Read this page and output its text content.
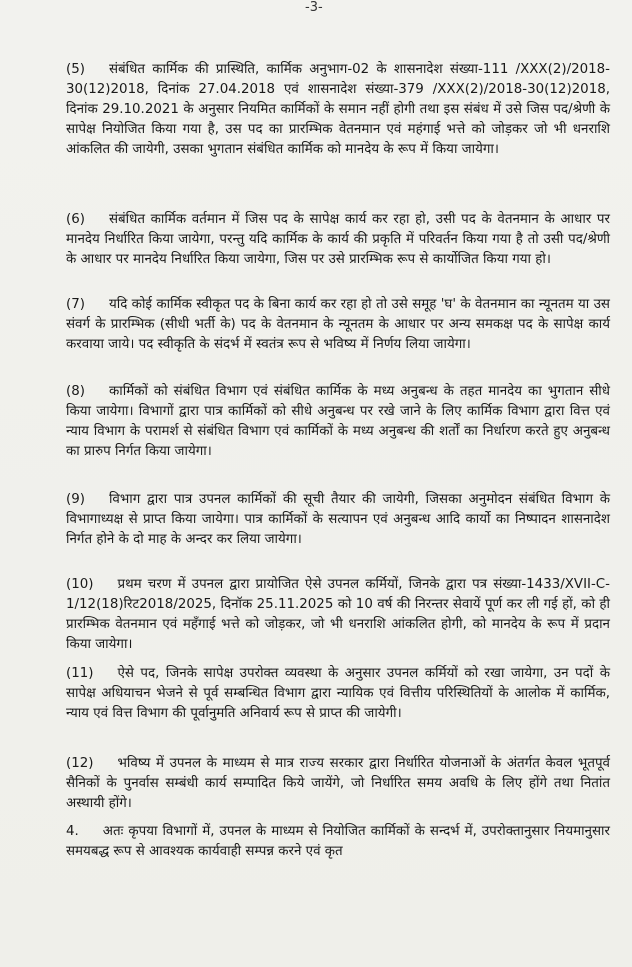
-3-
(5) संबंधित कार्मिक की प्रास्थिति, कार्मिक अनुभाग-02 के शासनादेश संख्या-111 /XXX(2)/2018-30(12)2018, दिनांक 27.04.2018 एवं शासनादेश संख्या-379 /XXX(2)/2018-30(12)2018, दिनांक 29.10.2021 के अनुसार नियमित कार्मिकों के समान नहीं होगी तथा इस संबंध में उसे जिस पद/श्रेणी के सापेक्ष नियोजित किया गया है, उस पद का प्रारम्भिक वेतनमान एवं महंगाई भत्ते को जोड़कर जो भी धनराशि आंकलित की जायेगी, उसका भुगतान संबंधित कार्मिक को मानदेय के रूप में किया जायेगा।
(6) संबंधित कार्मिक वर्तमान में जिस पद के सापेक्ष कार्य कर रहा हो, उसी पद के वेतनमान के आधार पर मानदेय निर्धारित किया जायेगा, परन्तु यदि कार्मिक के कार्य की प्रकृति में परिवर्तन किया गया है तो उसी पद/श्रेणी के आधार पर मानदेय निर्धारित किया जायेगा, जिस पर उसे प्रारम्भिक रूप से कार्योजित किया गया हो।
(7) यदि कोई कार्मिक स्वीकृत पद के बिना कार्य कर रहा हो तो उसे समूह 'घ' के वेतनमान का न्यूनतम या उस संवर्ग के प्रारम्भिक (सीधी भर्ती के) पद के वेतनमान के न्यूनतम के आधार पर अन्य समकक्ष पद के सापेक्ष कार्य करवाया जाये। पद स्वीकृति के संदर्भ में स्वतंत्र रूप से भविष्य में निर्णय लिया जायेगा।
(8) कार्मिकों को संबंधित विभाग एवं संबंधित कार्मिक के मध्य अनुबन्ध के तहत मानदेय का भुगतान सीधे किया जायेगा। विभागों द्वारा पात्र कार्मिकों को सीधे अनुबन्ध पर रखे जाने के लिए कार्मिक विभाग द्वारा वित्त एवं न्याय विभाग के परामर्श से संबंधित विभाग एवं कार्मिकों के मध्य अनुबन्ध की शर्तों का निर्धारण करते हुए अनुबन्ध का प्रारुप निर्गत किया जायेगा।
(9) विभाग द्वारा पात्र उपनल कार्मिकों की सूची तैयार की जायेगी, जिसका अनुमोदन संबंधित विभाग के विभागाध्यक्ष से प्राप्त किया जायेगा। पात्र कार्मिकों के सत्यापन एवं अनुबन्ध आदि कार्यो का निष्पादन शासनादेश निर्गत होने के दो माह के अन्दर कर लिया जायेगा।
(10) प्रथम चरण में उपनल द्वारा प्रायोजित ऐसे उपनल कर्मियों, जिनके द्वारा पत्र संख्या-1433/XVII-C-1/12(18)रिट2018/2025, दिनॉक 25.11.2025 को 10 वर्ष की निरन्तर सेवायें पूर्ण कर ली गई हों, को ही प्रारम्भिक वेतनमान एवं महँगाई भत्ते को जोड़कर, जो भी धनराशि आंकलित होगी, को मानदेय के रूप में प्रदान किया जायेगा।
(11) ऐसे पद, जिनके सापेक्ष उपरोक्त व्यवस्था के अनुसार उपनल कर्मियों को रखा जायेगा, उन पदों के सापेक्ष अधियाचन भेजने से पूर्व सम्बन्धित विभाग द्वारा न्यायिक एवं वित्तीय परिस्थितियों के आलोक में कार्मिक, न्याय एवं वित्त विभाग की पूर्वानुमति अनिवार्य रूप से प्राप्त की जायेगी।
(12) भविष्य में उपनल के माध्यम से मात्र राज्य सरकार द्वारा निर्धारित योजनाओं के अंतर्गत केवल भूतपूर्व सैनिकों के पुनर्वास सम्बंधी कार्य सम्पादित किये जायेंगे, जो निर्धारित समय अवधि के लिए होंगे तथा नितांत अस्थायी होंगे।
4. अतः कृपया विभागों में, उपनल के माध्यम से नियोजित कार्मिकों के सन्दर्भ में, उपरोक्तानुसार नियमानुसार समयबद्ध रूप से आवश्यक कार्यवाही सम्पन्न करने एवं कृत
